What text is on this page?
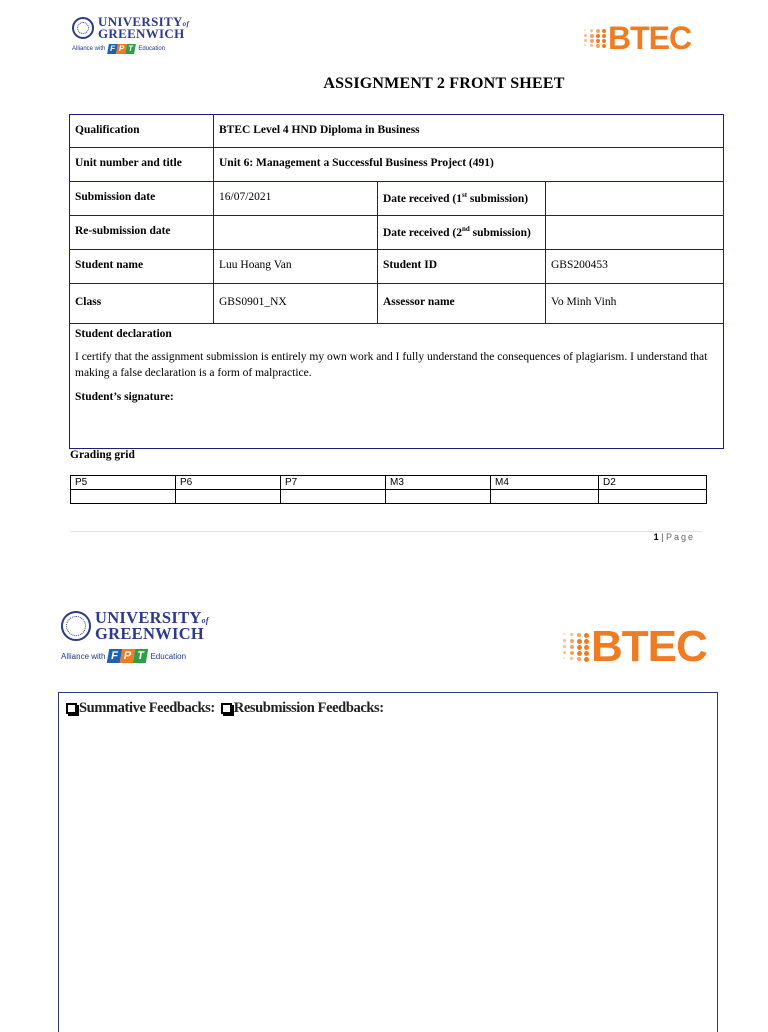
UNIVERSITYof
GREENWICH
Alliance with F P T Education	BTEC
ASSIGNMENT 2 FRONT SHEET
Qualification	BTEC Level 4 HND Diploma in Business		
Unit number and title	Unit 6: Management a Successful Business Project (491)		
Submission date	16/07/2021	Date received (1st submission)	
Re-submission date		Date received (2nd submission)	
Student name	Luu Hoang Van	Student ID	GBS200453
Class	GBS0901_NX	Assessor name	Vo Minh Vinh

Student declaration
I certify that the assignment submission is entirely my own work and I fully understand the consequences of plagiarism. I understand that making a false declaration is a form of malpractice.
Student’s signature:			
Grading grid
P5	P6	P7	M3	M4	D2

1 | Page
UNIVERSITYof
GREENWICH
Alliance with F P T Education	BTEC
Summative Feedbacks: Resubmission Feedbacks:
